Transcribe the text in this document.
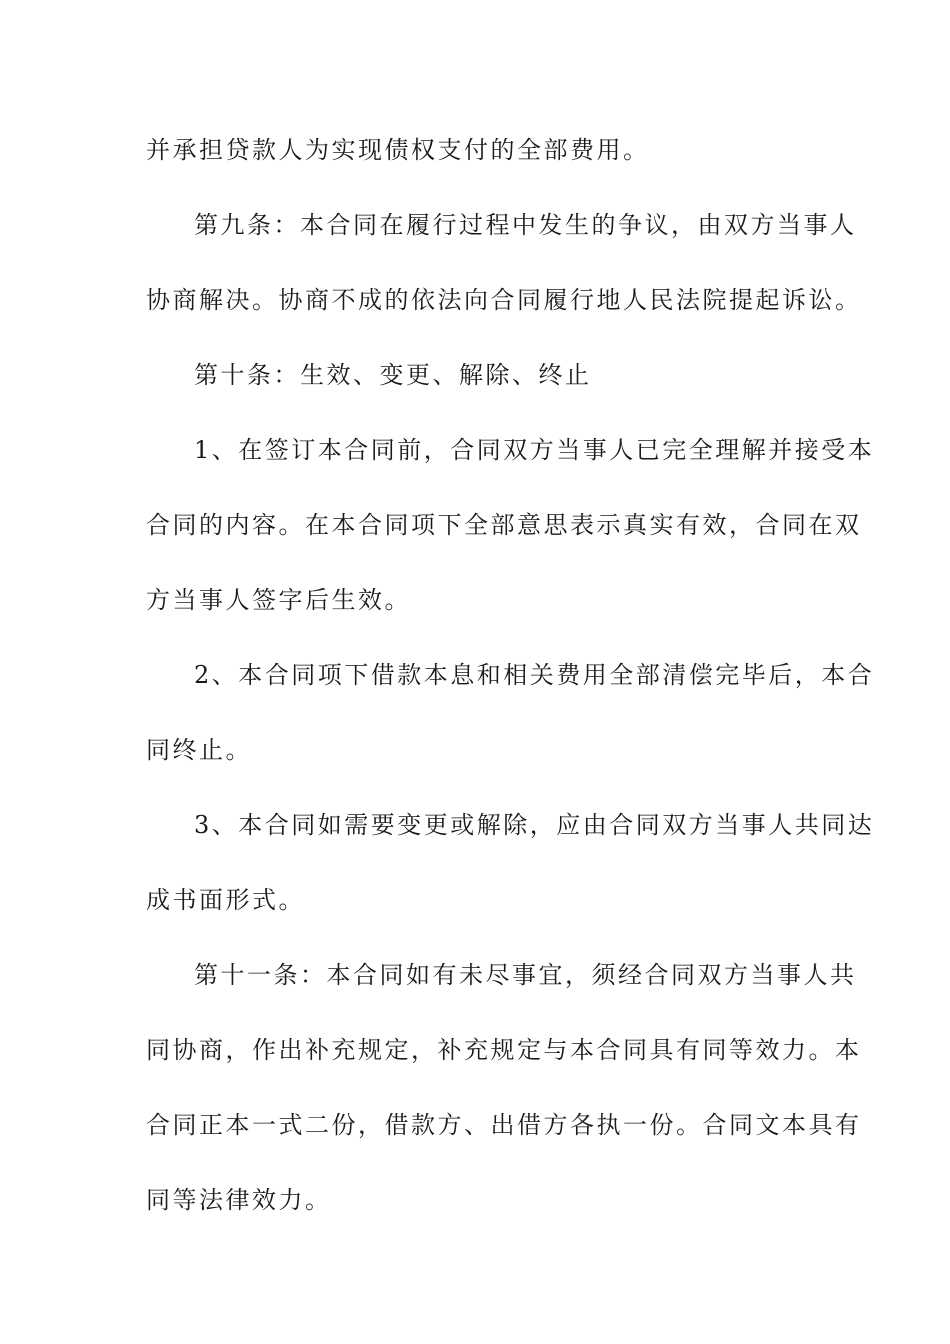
并承担贷款人为实现债权支付的全部费用。
第九条：本合同在履行过程中发生的争议，由双方当事人
协商解决。协商不成的依法向合同履行地人民法院提起诉讼。
第十条：生效、变更、解除、终止
1、在签订本合同前，合同双方当事人已完全理解并接受本
合同的内容。在本合同项下全部意思表示真实有效，合同在双
方当事人签字后生效。
2、本合同项下借款本息和相关费用全部清偿完毕后，本合
同终止。
3、本合同如需要变更或解除，应由合同双方当事人共同达
成书面形式。
第十一条：本合同如有未尽事宜，须经合同双方当事人共
同协商，作出补充规定，补充规定与本合同具有同等效力。本
合同正本一式二份，借款方、出借方各执一份。合同文本具有
同等法律效力。
